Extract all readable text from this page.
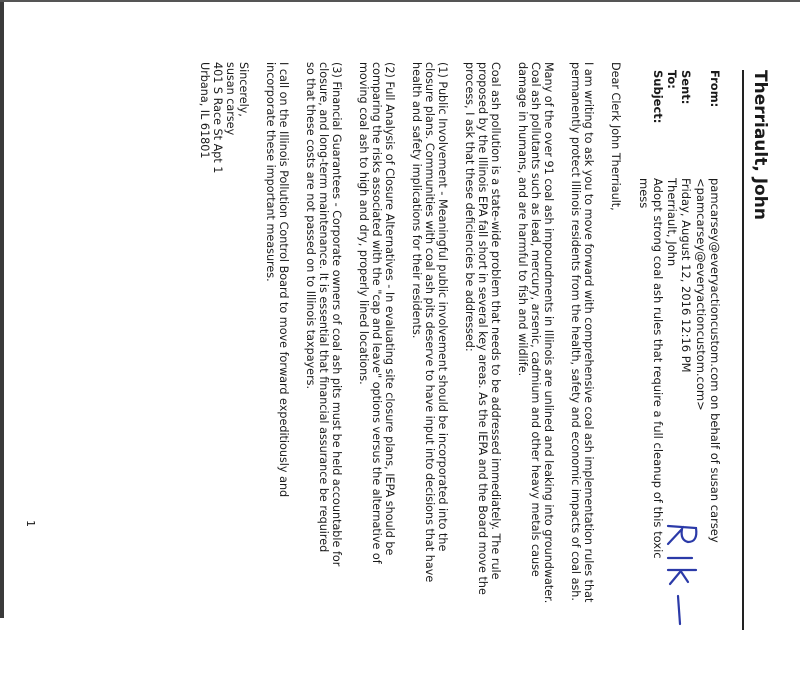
Therriault, John
From:
pamcarsey@everyactioncustom.com on behalf of susan carsey
<pamcarsey@everyactioncustom.com>
Sent:
Friday, August 12, 2016 12:16 PM
To:
Therriault, John
Subject:
Adopt strong coal ash rules that require a full cleanup of this toxic
mess
Dear Clerk John Therriault,
I am writing to ask you to move forward with comprehensive coal ash implementation rules that
permanently protect Illinois residents from the health, safety and economic impacts of coal ash.
Many of the over 91 coal ash impoundments in Illinois are unlined and leaking into groundwater.
Coal ash pollutants such as lead, mercury, arsenic, cadmium and other heavy metals cause
damage in humans, and are harmful to fish and wildlife.
Coal ash pollution is a state-wide problem that needs to be addressed immediately. The rule
proposed by the Illinois EPA fall short in several key areas. As the IEPA and the Board move the
process, I ask that these deficiencies be addressed:
(1) Public Involvement - Meaningful public involvement should be incorporated into the
closure plans. Communities with coal ash pits deserve to have input into decisions that have
health and safety implications for their residents.
(2) Full Analysis of Closure Alternatives - In evaluating site closure plans, IEPA should be
comparing the risks associated with the "cap and leave" options versus the alternative of
moving coal ash to high and dry, properly lined locations.
(3) Financial Guarantees - Corporate owners of coal ash pits must be held accountable for
closure, and long-term maintenance. It is essential that financial assurance be required
so that these costs are not passed on to Illinois taxpayers.
I call on the Illinois Pollution Control Board to move forward expeditiously and
incorporate these important measures.
Sincerely,
susan carsey
401 S Race St Apt 1
Urbana, IL 61801
1
